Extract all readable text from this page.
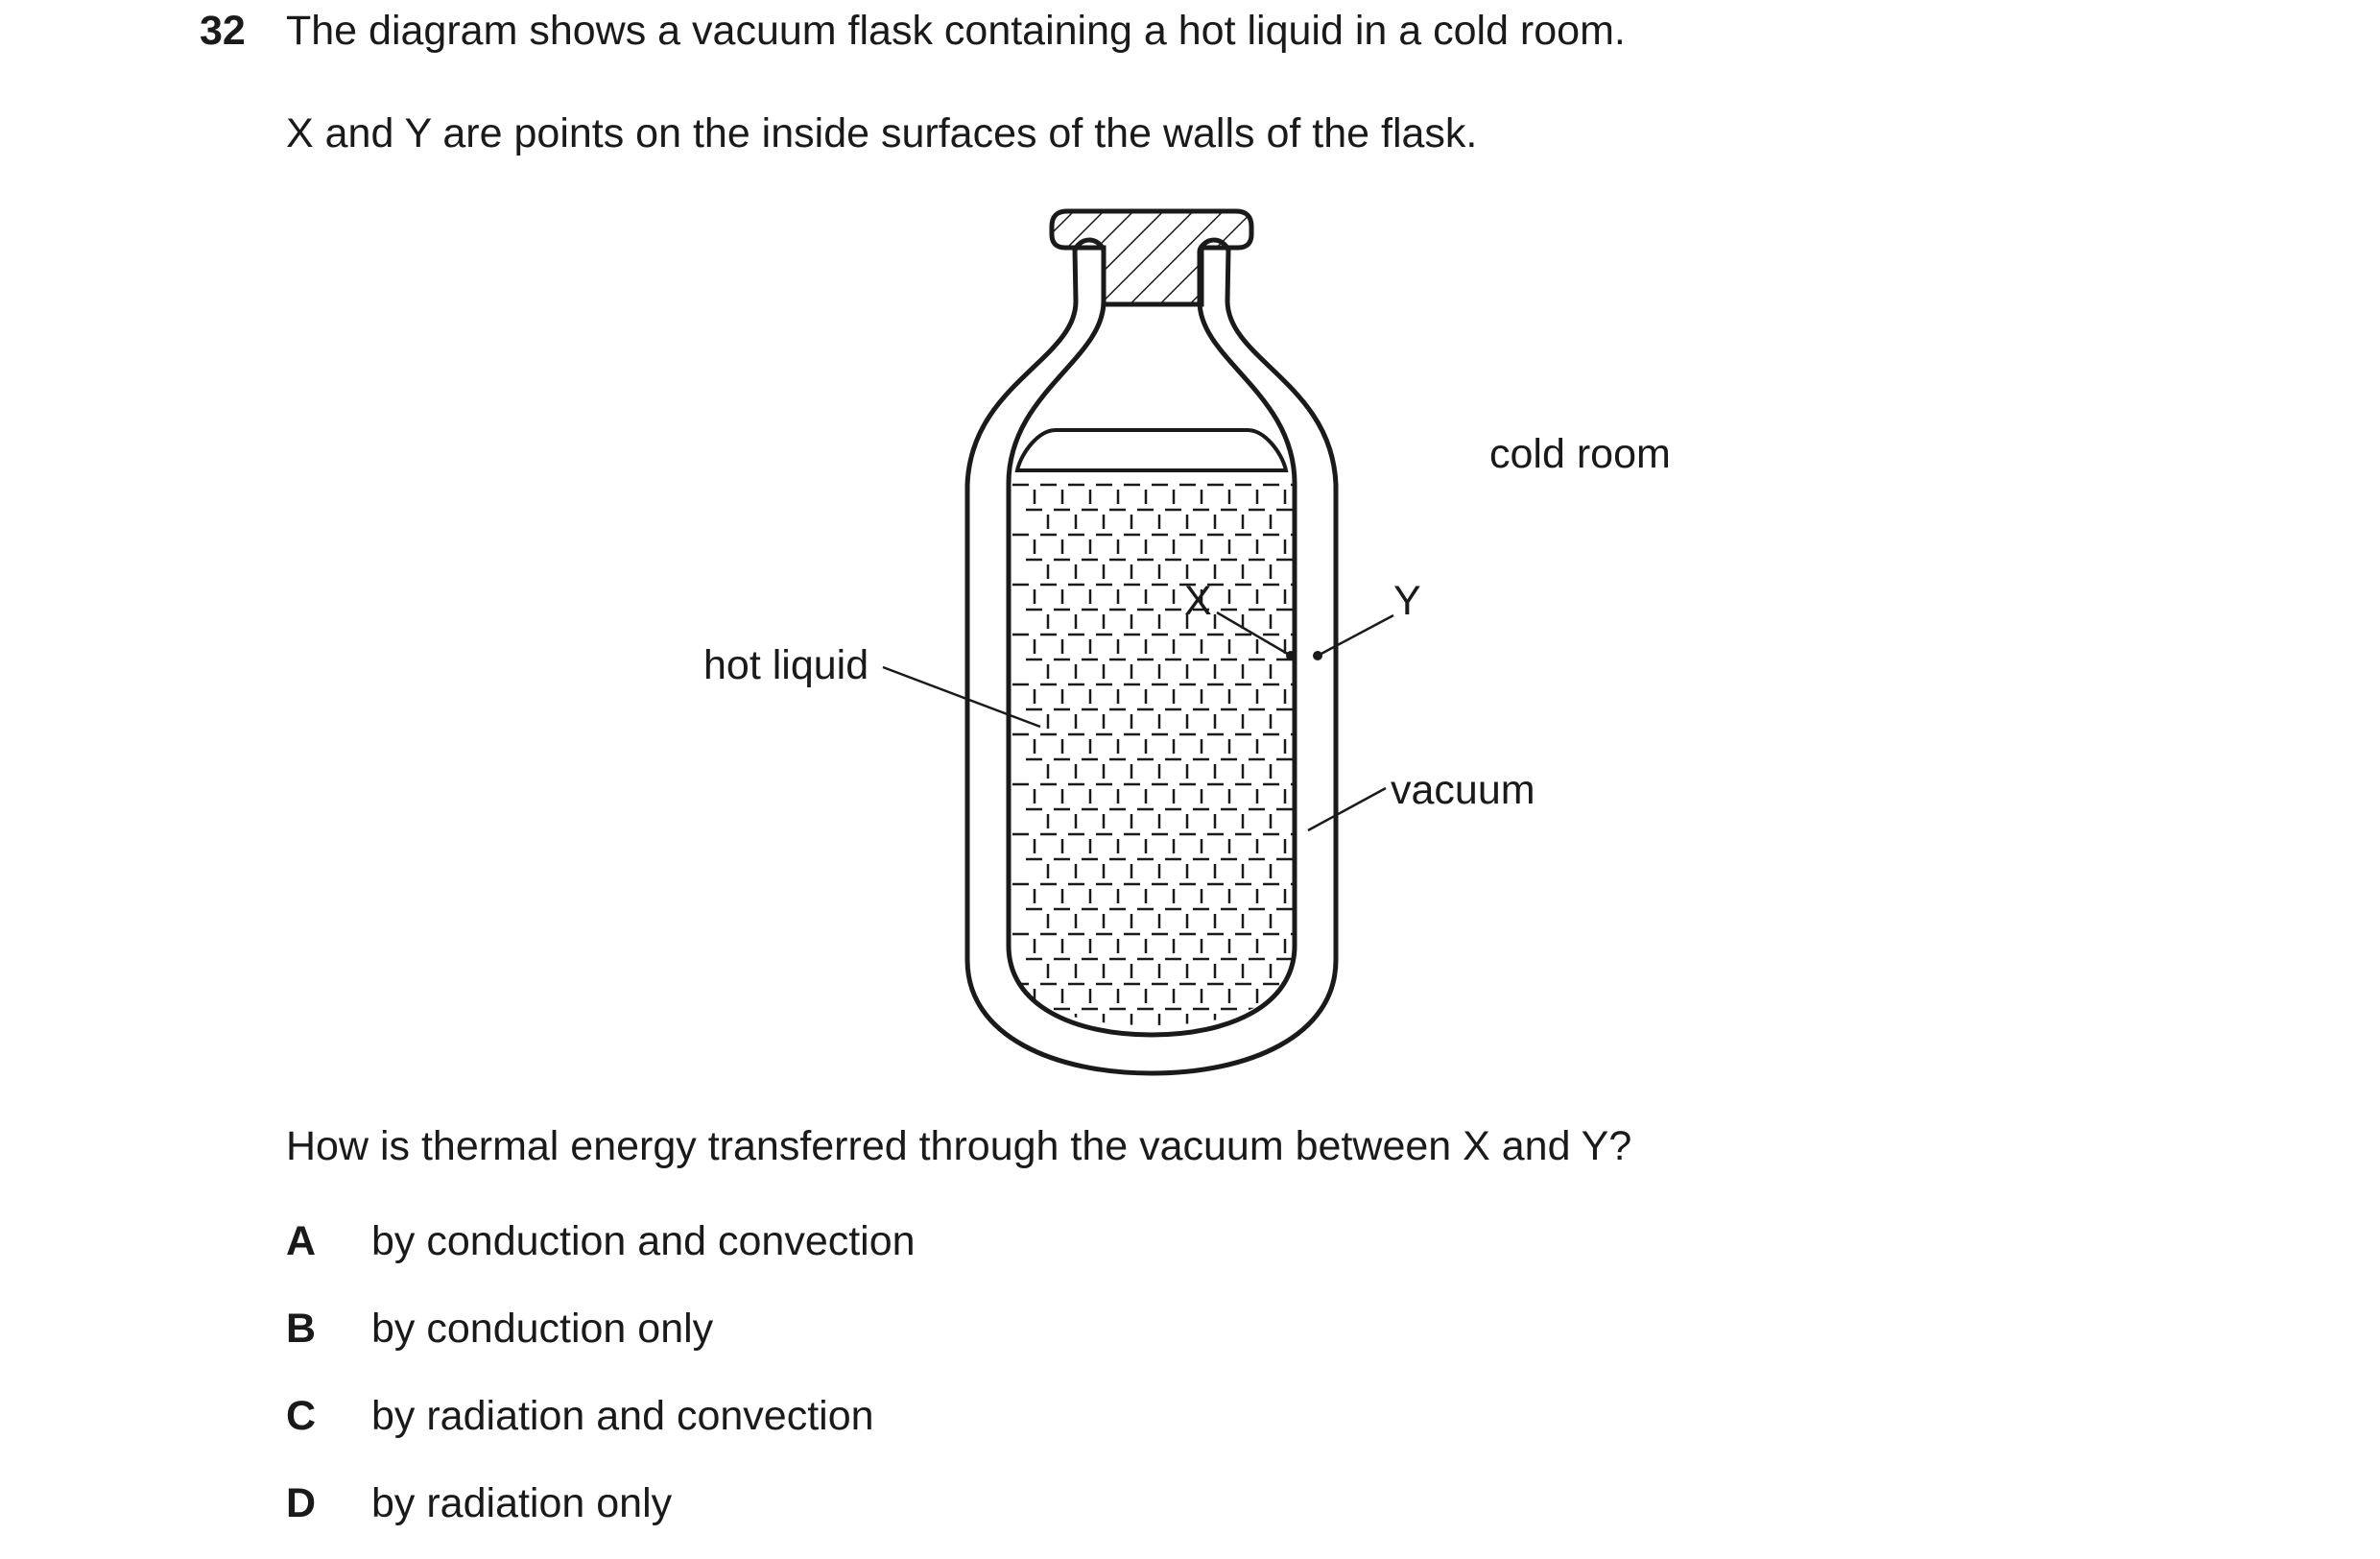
32 The diagram shows a vacuum flask containing a hot liquid in a cold room.
X and Y are points on the inside surfaces of the walls of the flask.
cold room
hot liquid
vacuum
X	Y
How is thermal energy transferred through the vacuum between X and Y?
A by conduction and convection
B by conduction only
C by radiation and convection
D by radiation only
